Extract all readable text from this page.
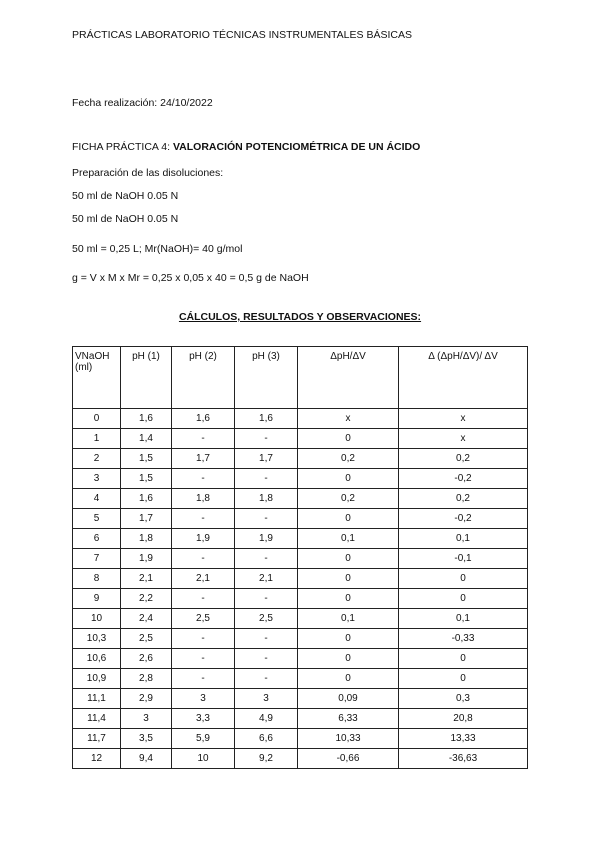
PRÁCTICAS LABORATORIO TÉCNICAS INSTRUMENTALES BÁSICAS
Fecha realización: 24/10/2022
FICHA PRÁCTICA 4: VALORACIÓN POTENCIOMÉTRICA DE UN ÁCIDO
Preparación de las disoluciones:
50 ml de NaOH 0.05 N
50 ml de NaOH 0.05 N
50 ml = 0,25 L; Mr(NaOH)= 40 g/mol
g = V x M x Mr = 0,25 x 0,05 x 40 = 0,5 g de NaOH
CÁLCULOS, RESULTADOS Y OBSERVACIONES:
VNaOH (ml)	pH (1)	pH (2)	pH (3)	ΔpH/ΔV	Δ (ΔpH/ΔV)/ ΔV
0	1,6	1,6	1,6	x	x
1	1,4	-	-	0	x
2	1,5	1,7	1,7	0,2	0,2
3	1,5	-	-	0	-0,2
4	1,6	1,8	1,8	0,2	0,2
5	1,7	-	-	0	-0,2
6	1,8	1,9	1,9	0,1	0,1
7	1,9	-	-	0	-0,1
8	2,1	2,1	2,1	0	0
9	2,2	-	-	0	0
10	2,4	2,5	2,5	0,1	0,1
10,3	2,5	-	-	0	-0,33
10,6	2,6	-	-	0	0
10,9	2,8	-	-	0	0
11,1	2,9	3	3	0,09	0,3
11,4	3	3,3	4,9	6,33	20,8
11,7	3,5	5,9	6,6	10,33	13,33
12	9,4	10	9,2	-0,66	-36,63
